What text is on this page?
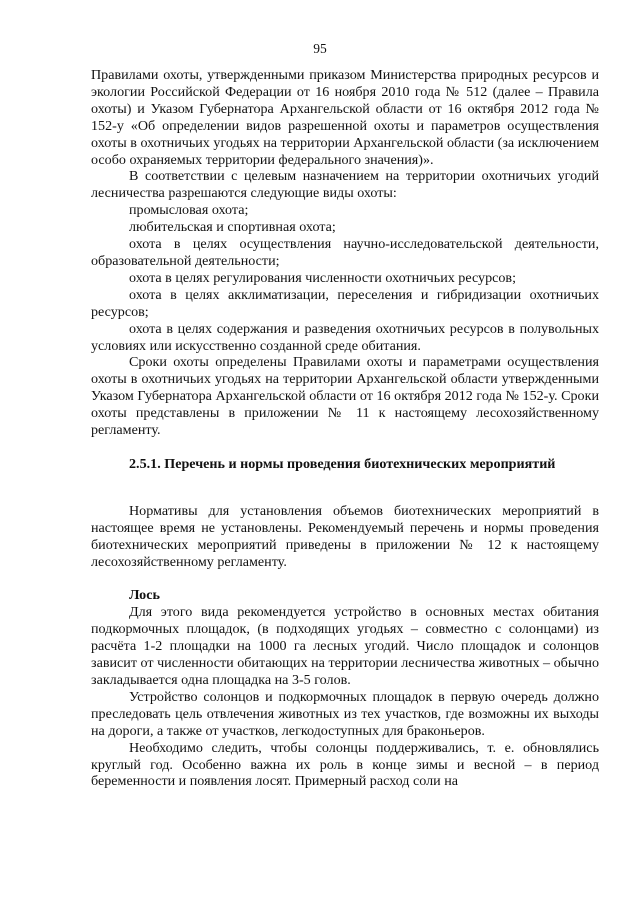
95

Правилами охоты, утвержденными приказом Министерства природных ресурсов и экологии Российской Федерации от 16 ноября 2010 года № 512 (далее – Правила охоты) и Указом Губернатора Архангельской области от 16 октября 2012 года № 152-у «Об определении видов разрешенной охоты и параметров осуществления охоты в охотничьих угодьях на территории Архангельской области (за исключением особо охраняемых территории федерального значения)».

В соответствии с целевым назначением на территории охотничьих угодий лесничества разрешаются следующие виды охоты:

промысловая охота;

любительская и спортивная охота;

охота в целях осуществления научно-исследовательской деятельности, образовательной деятельности;

охота в целях регулирования численности охотничьих ресурсов;

охота в целях акклиматизации, переселения и гибридизации охотничьих ресурсов;

охота в целях содержания и разведения охотничьих ресурсов в полувольных условиях или искусственно созданной среде обитания.

Сроки охоты определены Правилами охоты и параметрами осуществления охоты в охотничьих угодьях на территории Архангельской области утвержденными Указом Губернатора Архангельской области от 16 октября 2012 года № 152-у. Сроки охоты представлены в приложении № 11 к настоящему лесохозяйственному регламенту.

2.5.1. Перечень и нормы проведения биотехнических мероприятий

Нормативы для установления объемов биотехнических мероприятий в настоящее время не установлены. Рекомендуемый перечень и нормы проведения биотехнических мероприятий приведены в приложении № 12 к настоящему лесохозяйственному регламенту.

Лось

Для этого вида рекомендуется устройство в основных местах обитания подкормочных площадок, (в подходящих угодьях – совместно с солонцами) из расчёта 1-2 площадки на 1000 га лесных угодий. Число площадок и солонцов зависит от численности обитающих на территории лесничества животных – обычно закладывается одна площадка на 3-5 голов.

Устройство солонцов и подкормочных площадок в первую очередь должно преследовать цель отвлечения животных из тех участков, где возможны их выходы на дороги, а также от участков, легкодоступных для браконьеров.

Необходимо следить, чтобы солонцы поддерживались, т. е. обновлялись круглый год. Особенно важна их роль в конце зимы и весной – в период беременности и появления лосят. Примерный расход соли на
